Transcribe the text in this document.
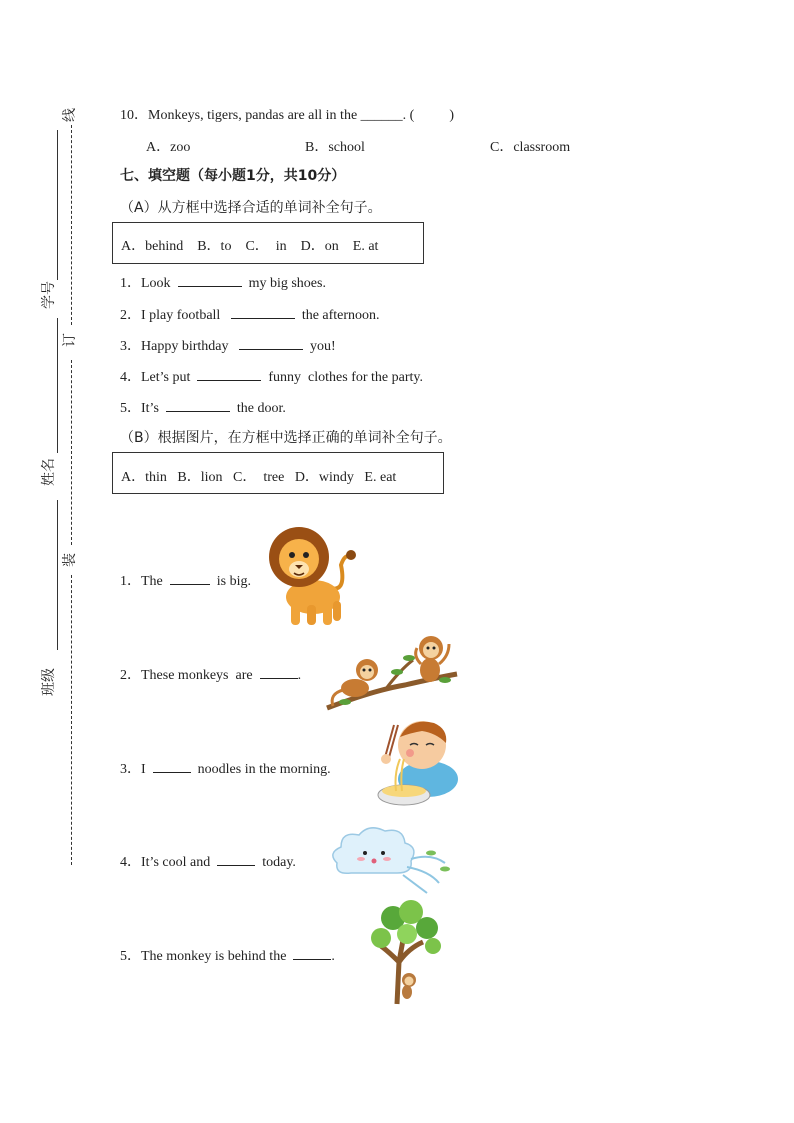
线
订
装
学号
姓名
班级
10．Monkeys, tigers, pandas are all in the ______. (          )
A．zoo	B．school	C．classroom
七、填空题（每小题1分，共10分）
（A）从方框中选择合适的单词补全句子。
A．behind    B．to    C．  in    D．on    E. at
1．Look	my big shoes.
2．I play football	the afternoon.
3．Happy birthday	you!
4．Let’s put	funny  clothes for the party.
5．It’s	the door.
（B）根据图片，在方框中选择正确的单词补全句子。
A．thin   B．lion   C．  tree   D．windy   E. eat
1．The	is big.
2．These monkeys  are	.
3．I	noodles in the morning.
4．It’s cool and	today.
5．The monkey is behind the	.
